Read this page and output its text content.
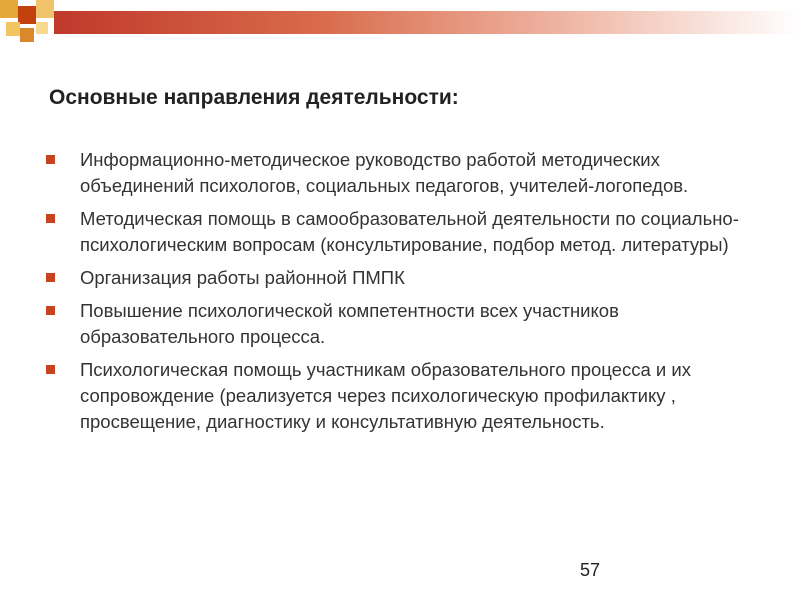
Основные направления деятельности:
Информационно-методическое руководство работой методических объединений психологов, социальных педагогов, учителей-логопедов.
Методическая помощь в самообразовательной деятельности по социально-психологическим вопросам (консультирование, подбор метод. литературы)
Организация работы районной ПМПК
Повышение психологической компетентности всех участников образовательного процесса.
Психологическая помощь участникам образовательного процесса и их сопровождение (реализуется через психологическую профилактику , просвещение, диагностику и консультативную деятельность.
57
